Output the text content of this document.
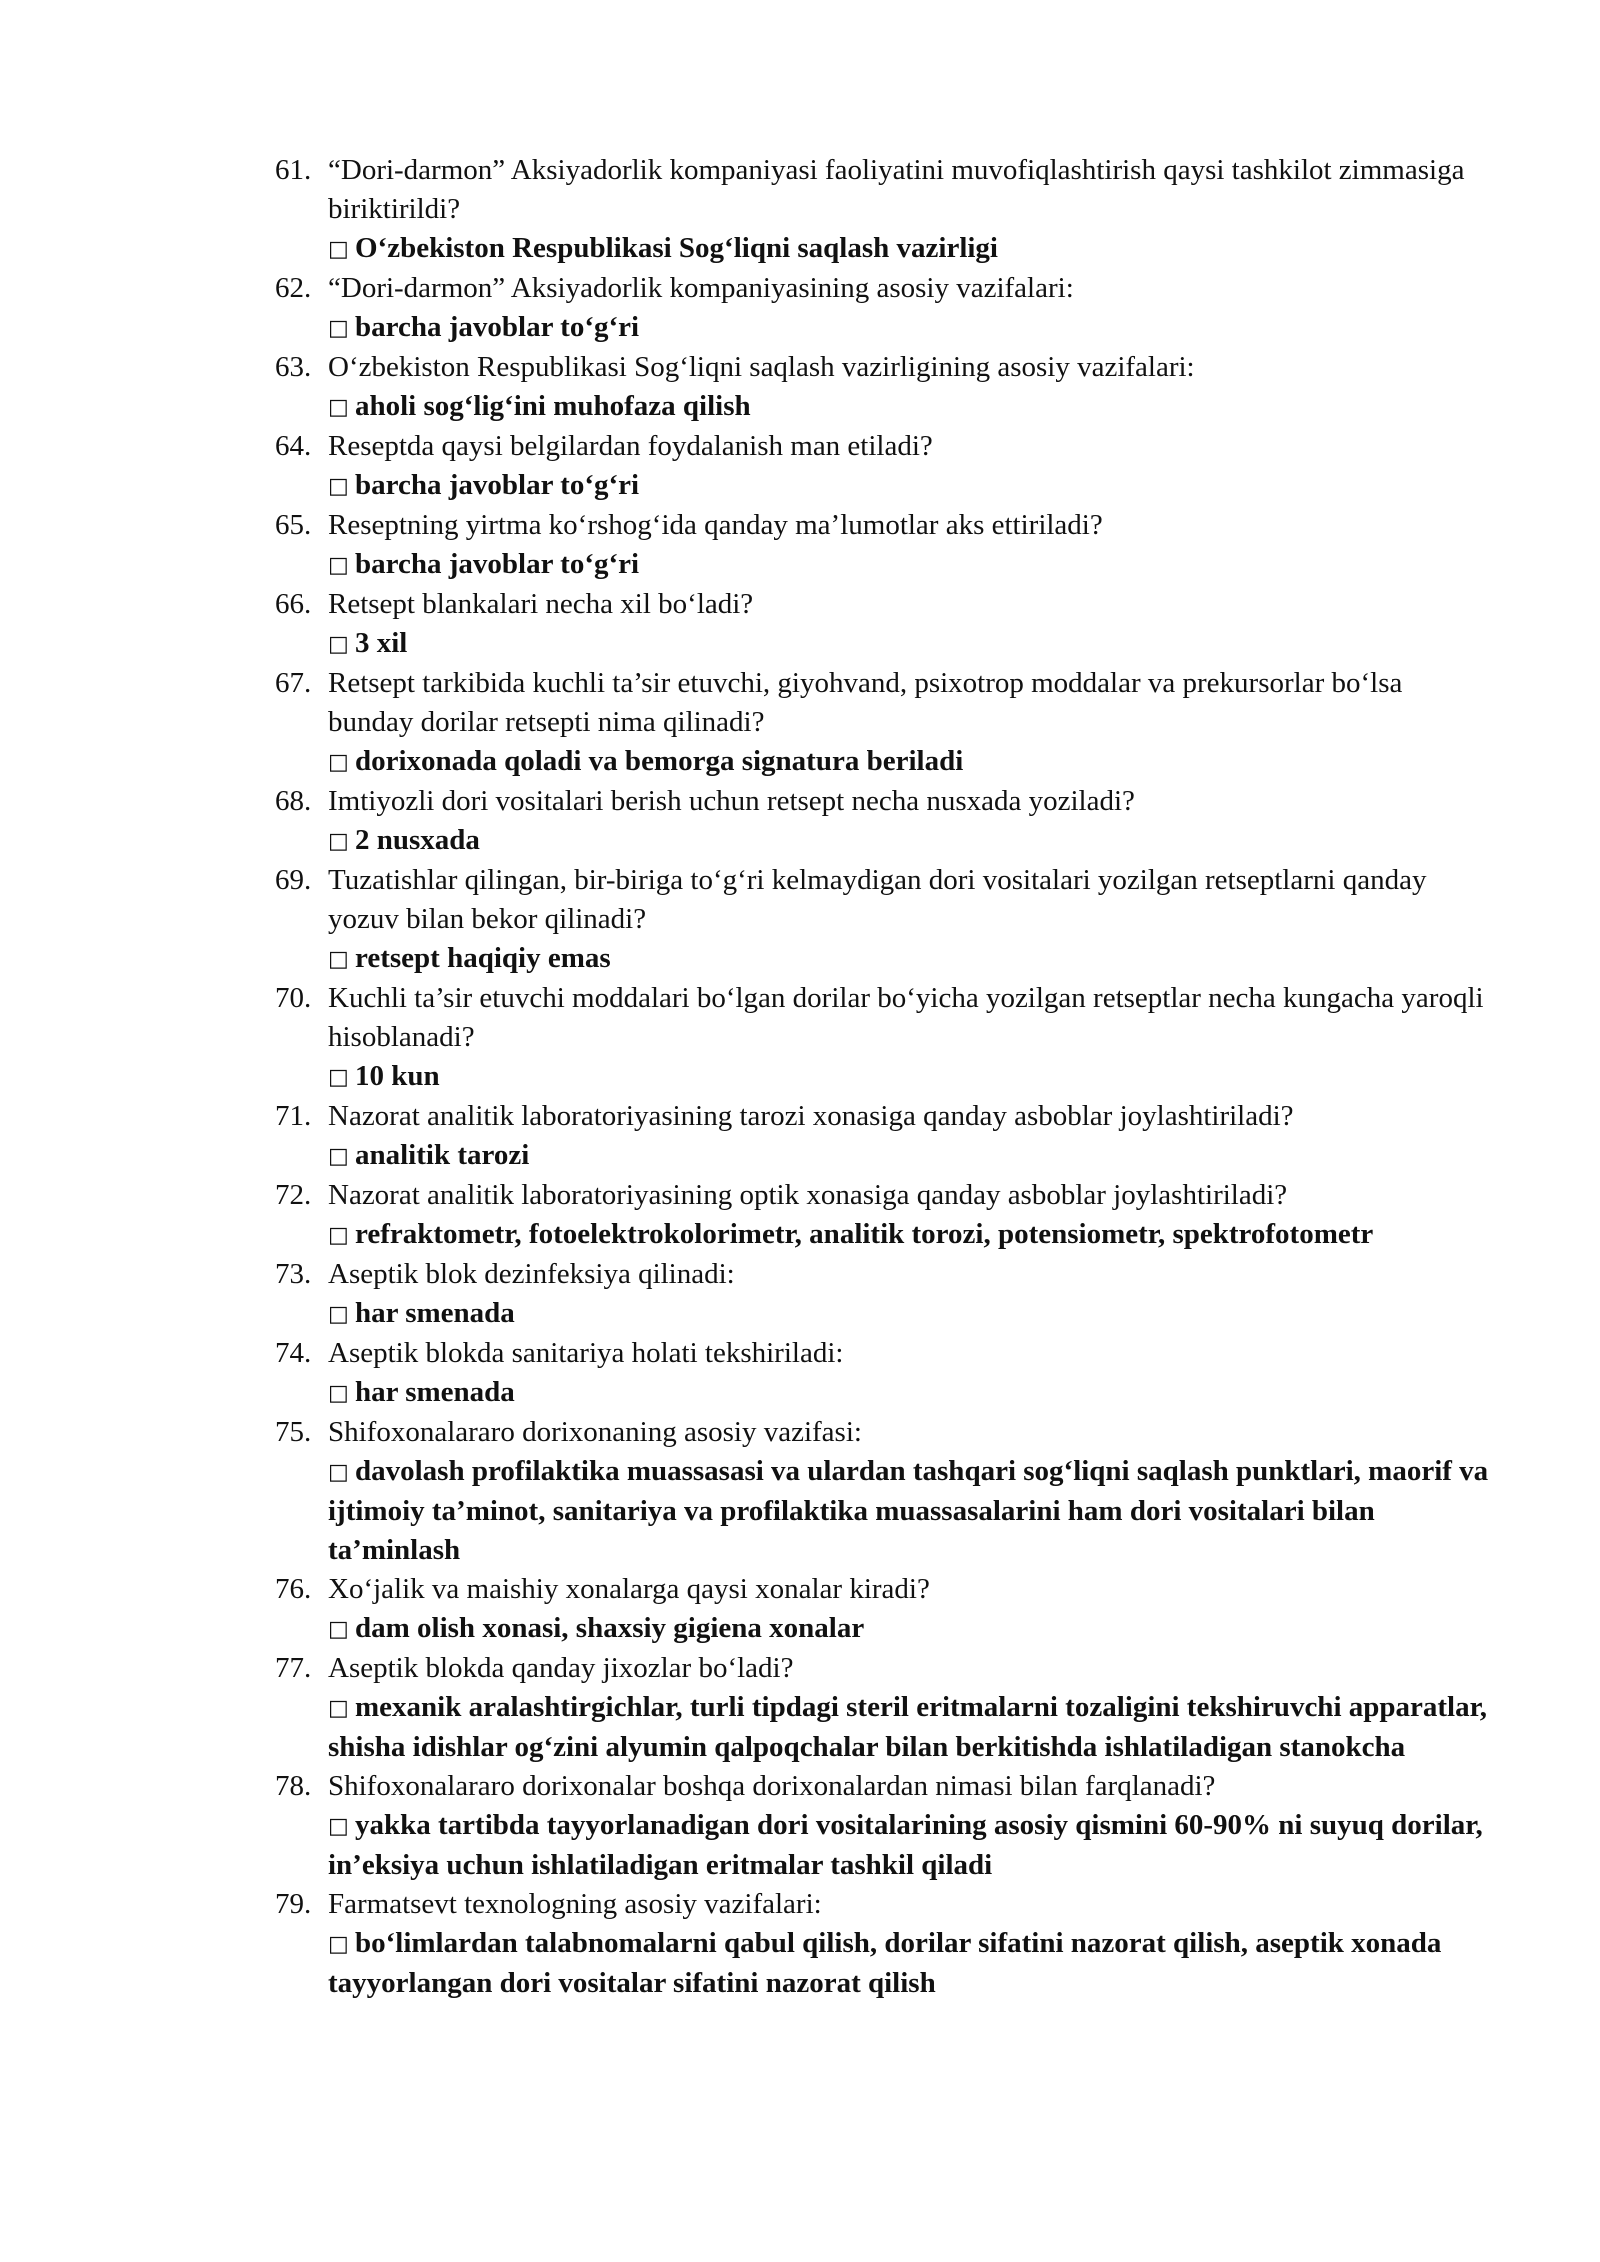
61. “Dori-darmon” Aksiyadorlik kompaniyasi faoliyatini muvofiqlashtirish qaysi tashkilot zimmasiga biriktirildi?
□ O‘zbekiston Respublikasi Sog‘liqni saqlash vazirligi
62. “Dori-darmon” Aksiyadorlik kompaniyasining asosiy vazifalari:
□ barcha javoblar to‘g‘ri
63. O‘zbekiston Respublikasi Sog‘liqni saqlash vazirligining asosiy vazifalari:
□ aholi sog‘lig‘ini muhofaza qilish
64. Reseptda qaysi belgilardan foydalanish man etiladi?
□ barcha javoblar to‘g‘ri
65. Reseptning yirtma ko‘rshog‘ida qanday ma’lumotlar aks ettiriladi?
□ barcha javoblar to‘g‘ri
66. Retsept blankalari necha xil bo‘ladi?
□ 3 xil
67. Retsept tarkibida kuchli ta’sir etuvchi, giyohvand, psixotrop moddalar va prekursorlar bo‘lsa bunday dorilar retsepti nima qilinadi?
□ dorixonada qoladi va bemorga signatura beriladi
68. Imtiyozli dori vositalari berish uchun retsept necha nusxada yoziladi?
□ 2 nusxada
69. Tuzatishlar qilingan, bir-biriga to‘g‘ri kelmaydigan dori vositalari yozilgan retseptlarni qanday yozuv bilan bekor qilinadi?
□ retsept haqiqiy emas
70. Kuchli ta’sir etuvchi moddalari bo‘lgan dorilar bo‘yicha yozilgan retseptlar necha kungacha yaroqli hisoblanadi?
□ 10 kun
71. Nazorat analitik laboratoriyasining tarozi xonasiga qanday asboblar joylashtiriladi?
□ analitik tarozi
72. Nazorat analitik laboratoriyasining optik xonasiga qanday asboblar joylashtiriladi?
□ refraktometr, fotoelektrokolorimetr, analitik torozi, potensiometr, spektrofotometr
73. Aseptik blok dezinfeksiya qilinadi:
□ har smenada
74. Aseptik blokda sanitariya holati tekshiriladi:
□ har smenada
75. Shifoxonalararo dorixonaning asosiy vazifasi:
□ davolash profilaktika muassasasi va ulardan tashqari sog‘liqni saqlash punktlari, maorif va ijtimoiy ta’minot, sanitariya va profilaktika muassasalarini ham dori vositalari bilan ta’minlash
76. Xo‘jalik va maishiy xonalarga qaysi xonalar kiradi?
□ dam olish xonasi, shaxsiy gigiena xonalar
77. Aseptik blokda qanday jixozlar bo‘ladi?
□ mexanik aralashtirgichlar, turli tipdagi steril eritmalarni tozaligini tekshiruvchi apparatlar, shisha idishlar og‘zini alyumin qalpoqchalar bilan berkitishda ishlatiladigan stanokcha
78. Shifoxonalararo dorixonalar boshqa dorixonalardan nimasi bilan farqlanadi?
□ yakka tartibda tayyorlanadigan dori vositalarining asosiy qismini 60-90% ni suyuq dorilar, in’eksiya uchun ishlatiladigan eritmalar tashkil qiladi
79. Farmatsevt texnologning asosiy vazifalari:
□ bo‘limlardan talabnomalarni qabul qilish, dorilar sifatini nazorat qilish, aseptik xonada tayyorlangan dori vositalar sifatini nazorat qilish
